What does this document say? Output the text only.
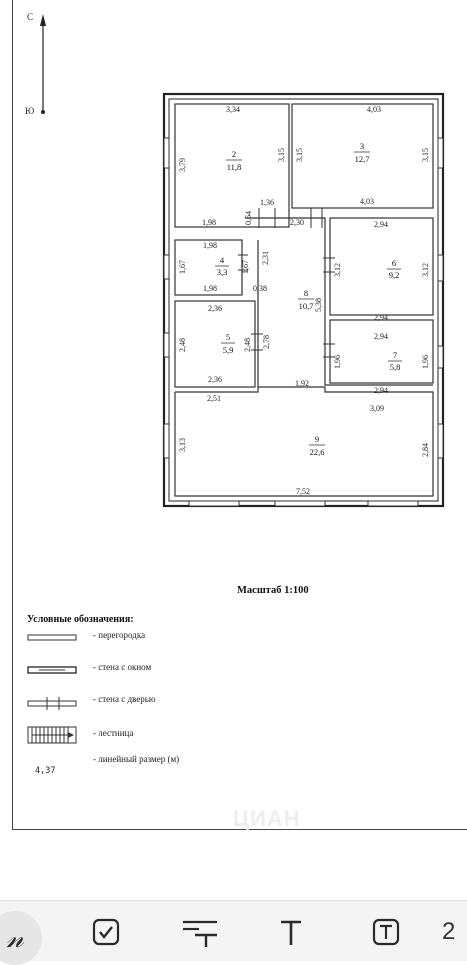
С
Ю
2
11,8
3
12,7
4
3,3
5
5,9
6
9,2
7
5,8
8
10,7
9
22,6
3,34	4,03
1,98
1,36
2,30
4,03
1,98
1,98	0,38
2,36
2,36	1,92
2,94
2,94
2,94
2,94
2,51
3,09
7,52
3,79
3,15 3,15	3,15
0,64
1,67	1,67
2,31
2,48	2,48 2,78
5,38
3,12	3,12
1,96	1,96
3,13	2,84
Масштаб 1:100
Условные обозначения:
- перегородка
- стена с окном
- стена с дверью
- лестница
4,37
- линейный размер (м)
ЦИАН
𝓃	2
